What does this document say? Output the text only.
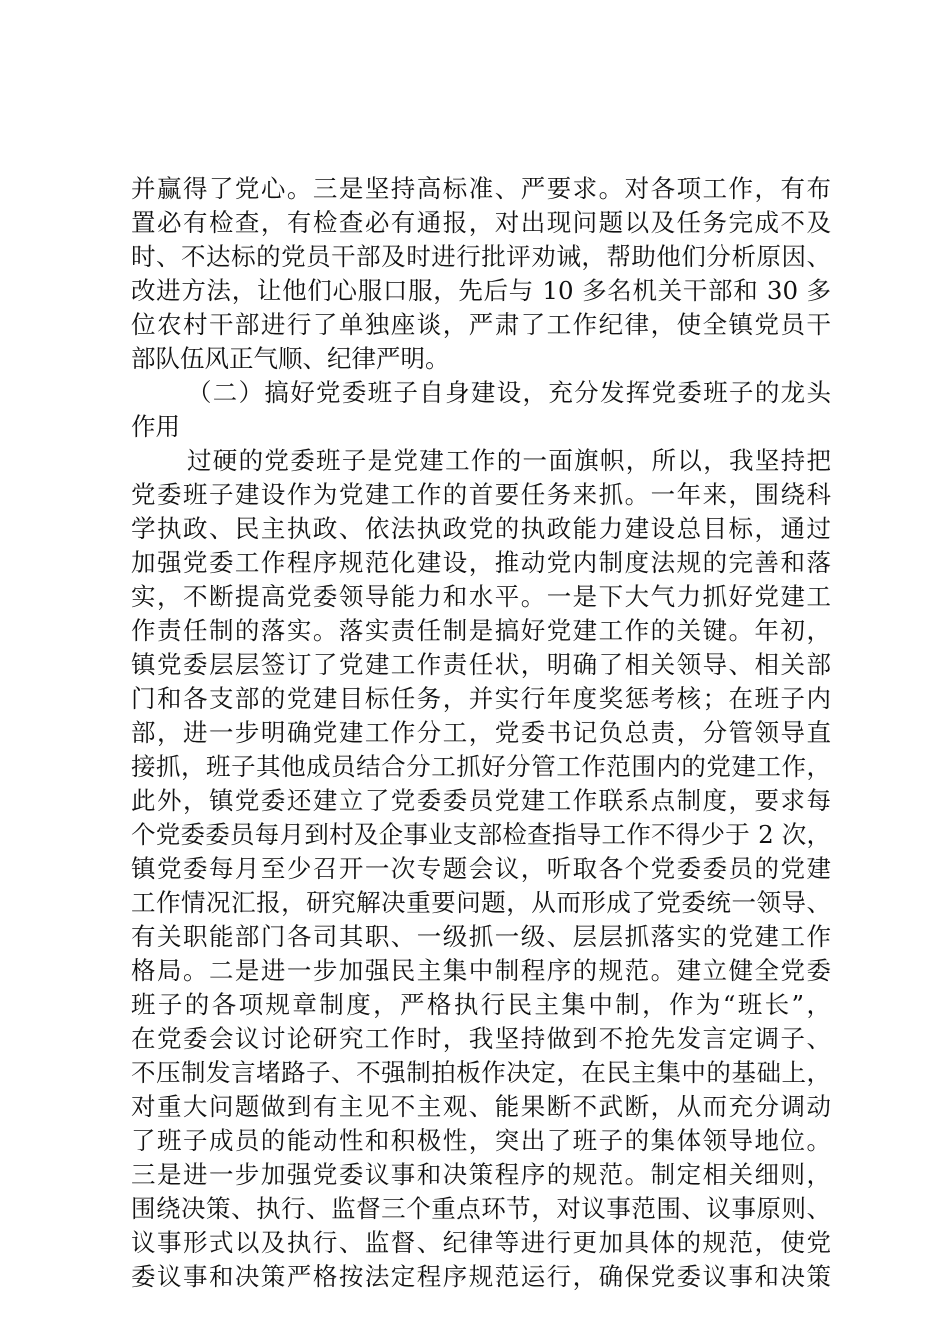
并赢得了党心。三是坚持高标准、严要求。对各项工作，有布
置必有检查，有检查必有通报，对出现问题以及任务完成不及
时、不达标的党员干部及时进行批评劝诫，帮助他们分析原因、
改进方法，让他们心服口服，先后与 10 多名机关干部和 30 多
位农村干部进行了单独座谈，严肃了工作纪律，使全镇党员干
部队伍风正气顺、纪律严明。
（二）搞好党委班子自身建设，充分发挥党委班子的龙头
作用
过硬的党委班子是党建工作的一面旗帜，所以，我坚持把
党委班子建设作为党建工作的首要任务来抓。一年来，围绕科
学执政、民主执政、依法执政党的执政能力建设总目标，通过
加强党委工作程序规范化建设，推动党内制度法规的完善和落
实，不断提高党委领导能力和水平。一是下大气力抓好党建工
作责任制的落实。落实责任制是搞好党建工作的关键。年初，
镇党委层层签订了党建工作责任状，明确了相关领导、相关部
门和各支部的党建目标任务，并实行年度奖惩考核；在班子内
部，进一步明确党建工作分工，党委书记负总责，分管领导直
接抓，班子其他成员结合分工抓好分管工作范围内的党建工作，
此外，镇党委还建立了党委委员党建工作联系点制度，要求每
个党委委员每月到村及企事业支部检查指导工作不得少于 2 次，
镇党委每月至少召开一次专题会议，听取各个党委委员的党建
工作情况汇报，研究解决重要问题，从而形成了党委统一领导、
有关职能部门各司其职、一级抓一级、层层抓落实的党建工作
格局。二是进一步加强民主集中制程序的规范。建立健全党委
班子的各项规章制度，严格执行民主集中制，作为“班长”，
在党委会议讨论研究工作时，我坚持做到不抢先发言定调子、
不压制发言堵路子、不强制拍板作决定，在民主集中的基础上，
对重大问题做到有主见不主观、能果断不武断，从而充分调动
了班子成员的能动性和积极性，突出了班子的集体领导地位。
三是进一步加强党委议事和决策程序的规范。制定相关细则，
围绕决策、执行、监督三个重点环节，对议事范围、议事原则、
议事形式以及执行、监督、纪律等进行更加具体的规范，使党
委议事和决策严格按法定程序规范运行，确保党委议事和决策
